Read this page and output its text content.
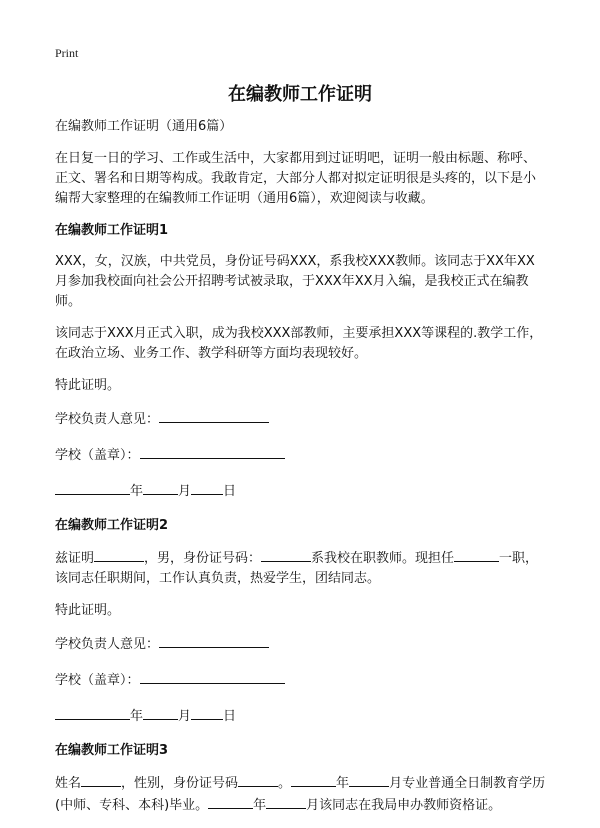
Print
在编教师工作证明

在编教师工作证明（通用6篇）

在日复一日的学习、工作或生活中，大家都用到过证明吧，证明一般由标题、称呼、正文、署名和日期等构成。我敢肯定，大部分人都对拟定证明很是头疼的，以下是小编帮大家整理的在编教师工作证明（通用6篇），欢迎阅读与收藏。

在编教师工作证明1

XXX，女，汉族，中共党员，身份证号码XXX，系我校XXX教师。该同志于XX年XX月参加我校面向社会公开招聘考试被录取，于XXX年XX月入编，是我校正式在编教师。

该同志于XXX月正式入职，成为我校XXX部教师，主要承担XXX等课程的.教学工作，在政治立场、业务工作、教学科研等方面均表现较好。

特此证明。

学校负责人意见：
学校（盖章）：
年	月 日
在编教师工作证明2

兹证明	，男，身份证号码：	系我校在职教师。现担任	一职，该同志任职期间，工作认真负责，热爱学生，团结同志。

特此证明。

学校负责人意见：
学校（盖章）：
年	月 日
在编教师工作证明3

姓名	，性别，身份证号码	。	年	月专业普通全日制教育学历(中师、专科、本科)毕业。	年	月该同志在我局申办教师资格证。
